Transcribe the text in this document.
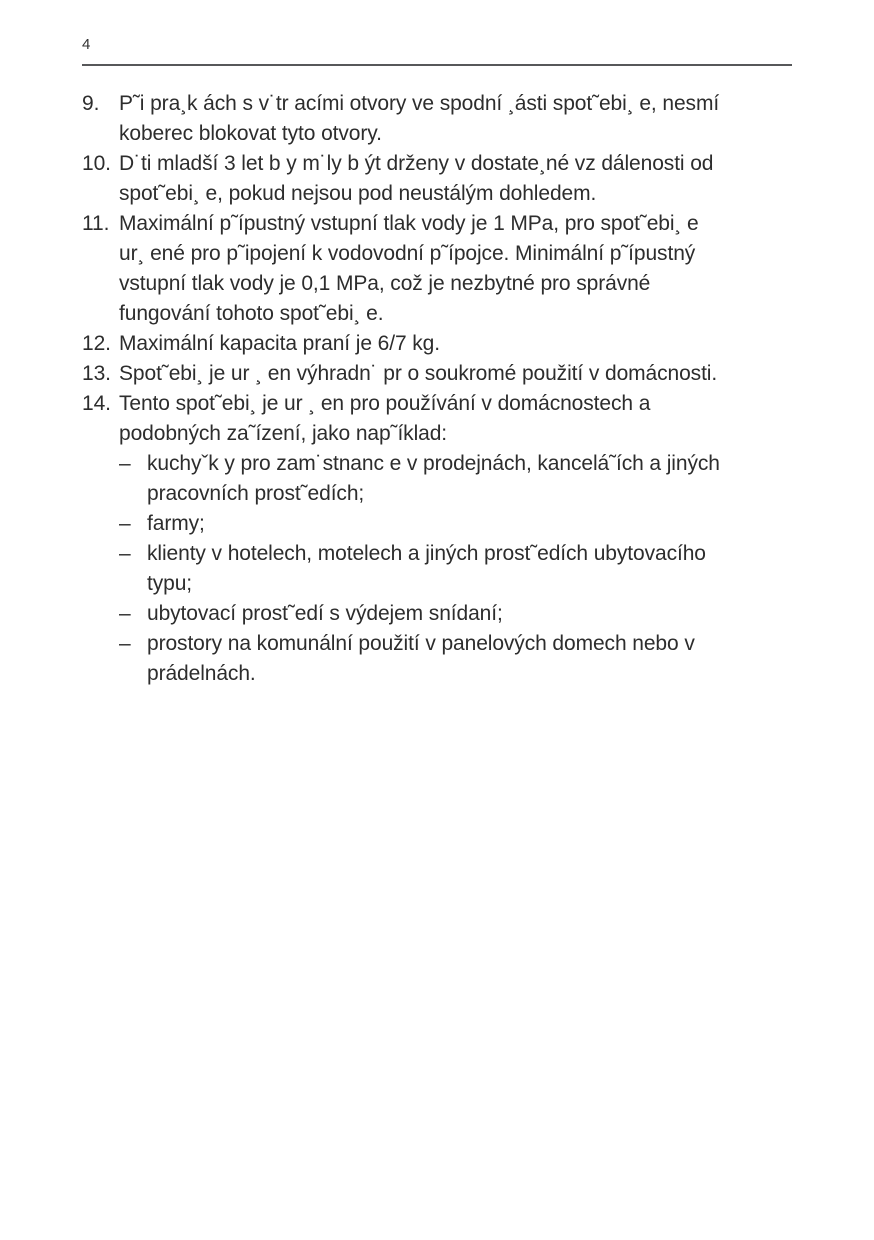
4
9. P˜i pra¸k ách s v˙tr acími otvory ve spodní ¸ásti spot˜ebi¸ e, nesmí
koberec blokovat tyto otvory.
10. D˙ti mladší 3 let b y m˙ly b ýt drženy v dostate¸né vz dálenosti od
spot˜ebi¸ e, pokud nejsou pod neustálým dohledem.
11. Maximální p˜ípustný vstupní tlak vody je 1 MPa, pro spot˜ebi¸ e
ur¸ ené pro p˜ipojení k vodovodní p˜ípojce. Minimální p˜ípustný
vstupní tlak vody je 0,1 MPa, což je nezbytné pro správné
fungování tohoto spot˜ebi¸ e.
12. Maximální kapacita praní je 6/7 kg.
13. Spot˜ebi¸ je ur ¸ en výhradn˙ pr o soukromé použití v domácnosti.
14. Tento spot˜ebi¸ je ur ¸ en pro používání v domácnostech a
podobných za˜ízení, jako nap˜íklad:
– kuchyˇk y pro zam˙stnanc e v prodejnách, kancelá˜ích a jiných
pracovních prost˜edích;
– farmy;
– klienty v hotelech, motelech a jiných prost˜edích ubytovacího
typu;
– ubytovací prost˜edí s výdejem snídaní;
– prostory na komunální použití v panelových domech nebo v
prádelnách.
